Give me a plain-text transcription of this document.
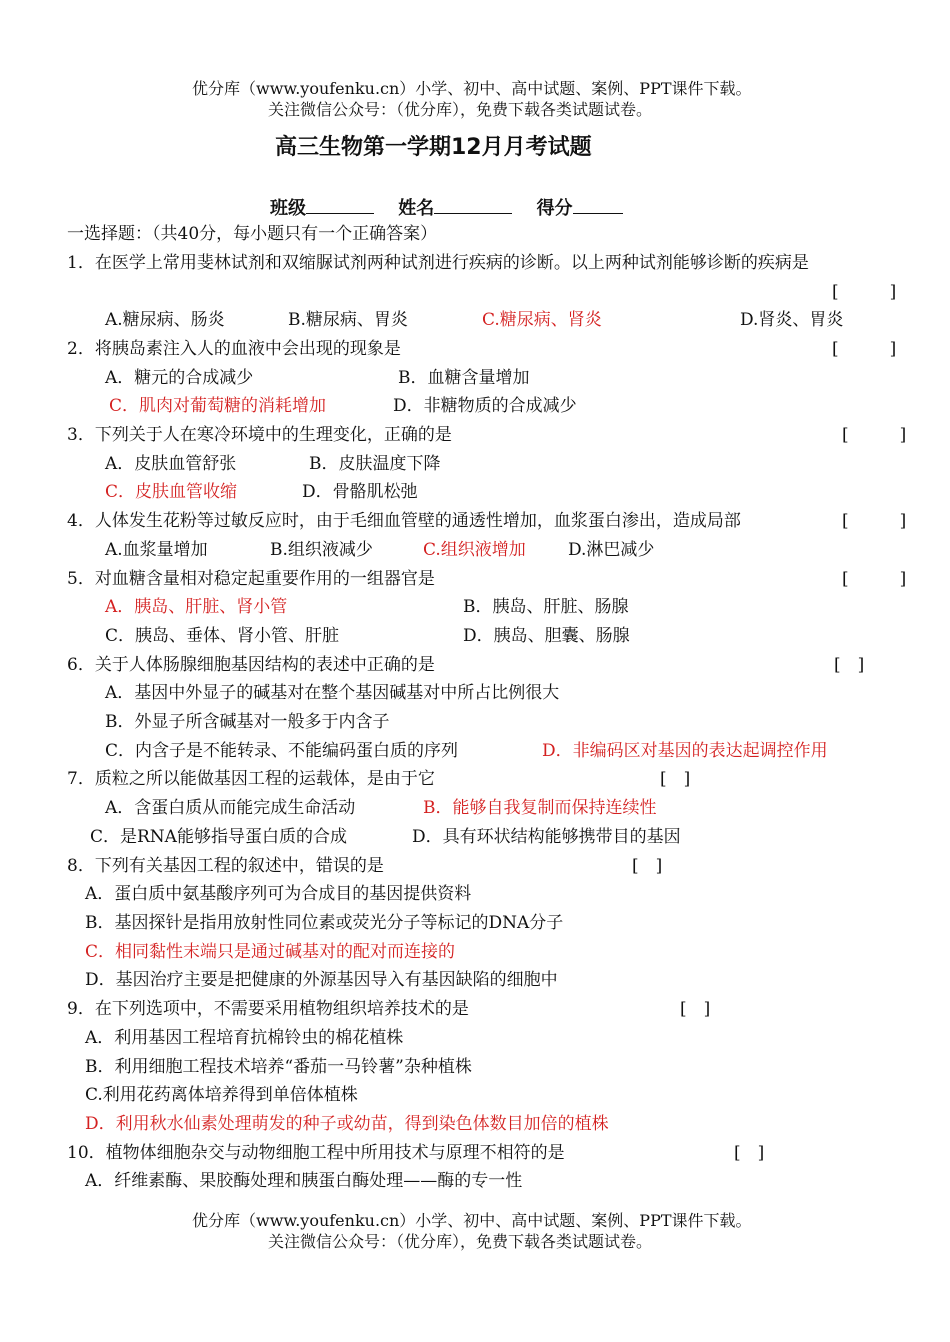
优分库（www.youfenku.cn）小学、初中、高中试题、案例、PPT课件下载。
关注微信公众号：（优分库），免费下载各类试题试卷。
高三生物第一学期12月月考试题
班级	姓名	得分
一选择题：（共40分，每小题只有一个正确答案）
1．在医学上常用斐林试剂和双缩脲试剂两种试剂进行疾病的诊断。以上两种试剂能够诊断的疾病是
[　　　]
A.糖尿病、肠炎	B.糖尿病、胃炎	C.糖尿病、肾炎	D.肾炎、胃炎
2．将胰岛素注入人的血液中会出现的现象是	[　　　]
A．糖元的合成减少	B．血糖含量增加
C．肌肉对葡萄糖的消耗增加	D．非糖物质的合成减少
3．下列关于人在寒冷环境中的生理变化，正确的是	[　　　]
A．皮肤血管舒张	B．皮肤温度下降
C．皮肤血管收缩	D．骨骼肌松弛
4．人体发生花粉等过敏反应时，由于毛细血管壁的通透性增加，血浆蛋白渗出，造成局部	[　　　]
A.血浆量增加	B.组织液减少	C.组织液增加 D.淋巴减少
5．对血糖含量相对稳定起重要作用的一组器官是	[　　　]
A．胰岛、肝脏、肾小管	B．胰岛、肝脏、肠腺
C．胰岛、垂体、肾小管、肝脏	D．胰岛、胆囊、肠腺
6．关于人体肠腺细胞基因结构的表述中正确的是	[　]
A．基因中外显子的碱基对在整个基因碱基对中所占比例很大
B．外显子所含碱基对一般多于内含子
C．内含子是不能转录、不能编码蛋白质的序列	D．非编码区对基因的表达起调控作用
7．质粒之所以能做基因工程的运载体，是由于它	[　]
A．含蛋白质从而能完成生命活动	B．能够自我复制而保持连续性
C．是RNA能够指导蛋白质的合成	D．具有环状结构能够携带目的基因
8．下列有关基因工程的叙述中，错误的是	[　]
A．蛋白质中氨基酸序列可为合成目的基因提供资料
B．基因探针是指用放射性同位素或荧光分子等标记的DNA分子
C．相同黏性末端只是通过碱基对的配对而连接的
D．基因治疗主要是把健康的外源基因导入有基因缺陷的细胞中
9．在下列选项中，不需要采用植物组织培养技术的是	[　]
A．利用基因工程培育抗棉铃虫的棉花植株
B．利用细胞工程技术培养“番茄一马铃薯”杂种植株
C.利用花药离体培养得到单倍体植株
D．利用秋水仙素处理萌发的种子或幼苗，得到染色体数目加倍的植株
10．植物体细胞杂交与动物细胞工程中所用技术与原理不相符的是	[　]
A．纤维素酶、果胶酶处理和胰蛋白酶处理——酶的专一性
优分库（www.youfenku.cn）小学、初中、高中试题、案例、PPT课件下载。
关注微信公众号：（优分库），免费下载各类试题试卷。
